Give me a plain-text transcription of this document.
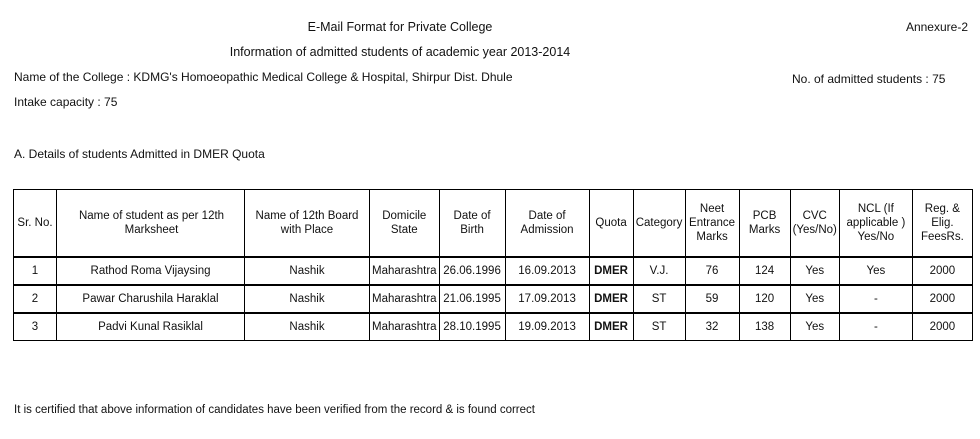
E-Mail Format for Private College
Information of admitted students of academic year 2013-2014
Annexure-2
Name of the College : KDMG's Homoeopathic Medical College & Hospital, Shirpur Dist. Dhule	No. of admitted students : 75
Intake capacity : 75
A. Details of students Admitted in DMER Quota
Sr. No.	Name of student as per 12th Marksheet	Name of 12th Board with Place	Domicile State	Date of Birth	Date of Admission	Quota	Category	Neet Entrance Marks	PCB Marks	CVC (Yes/No)	NCL (If applicable ) Yes/No	Reg. & Elig. FeesRs.
1	Rathod Roma Vijaysing	Nashik	Maharashtra	26.06.1996	16.09.2013	DMER	V.J.	76	124	Yes	Yes	2000
2	Pawar Charushila Haraklal	Nashik	Maharashtra	21.06.1995	17.09.2013	DMER	ST	59	120	Yes	-	2000
3	Padvi Kunal Rasiklal	Nashik	Maharashtra	28.10.1995	19.09.2013	DMER	ST	32	138	Yes	-	2000
It is certified that above information of candidates have been verified from the record & is found correct
